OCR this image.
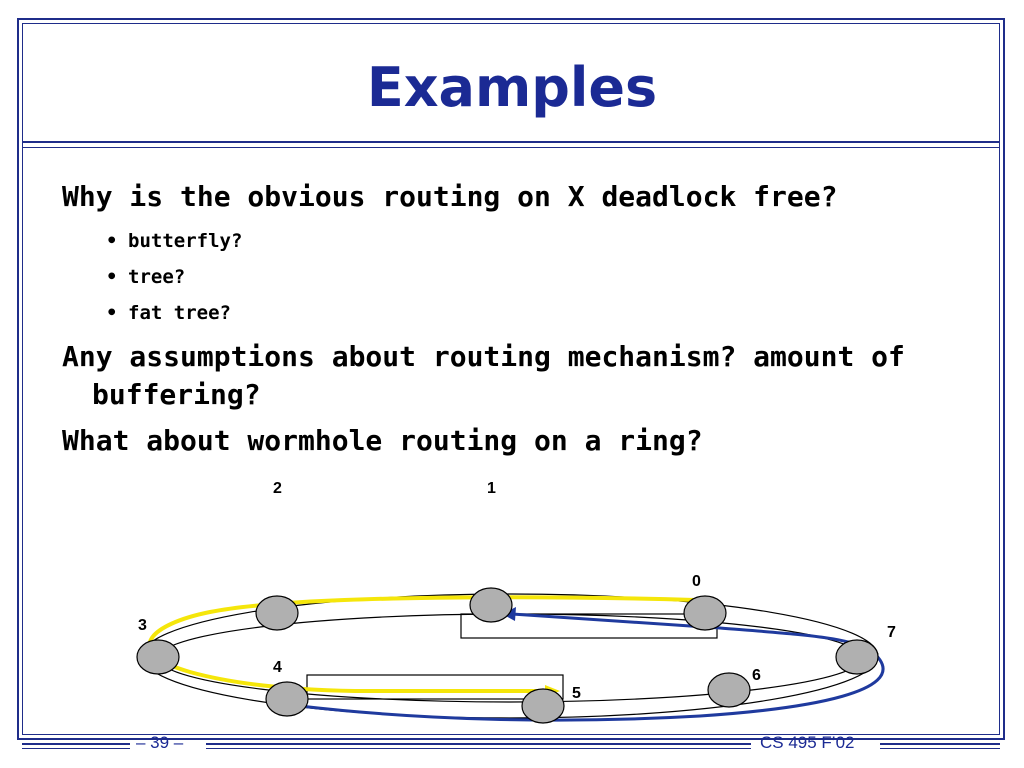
Examples
Why is the obvious routing on X deadlock free?
• butterfly?
• tree?
• fat tree?
Any assumptions about routing mechanism? amount of
buffering?
What about wormhole routing on a ring?
0
1
2
3
4
5
6
7
– 39 –	CS 495 F’02
